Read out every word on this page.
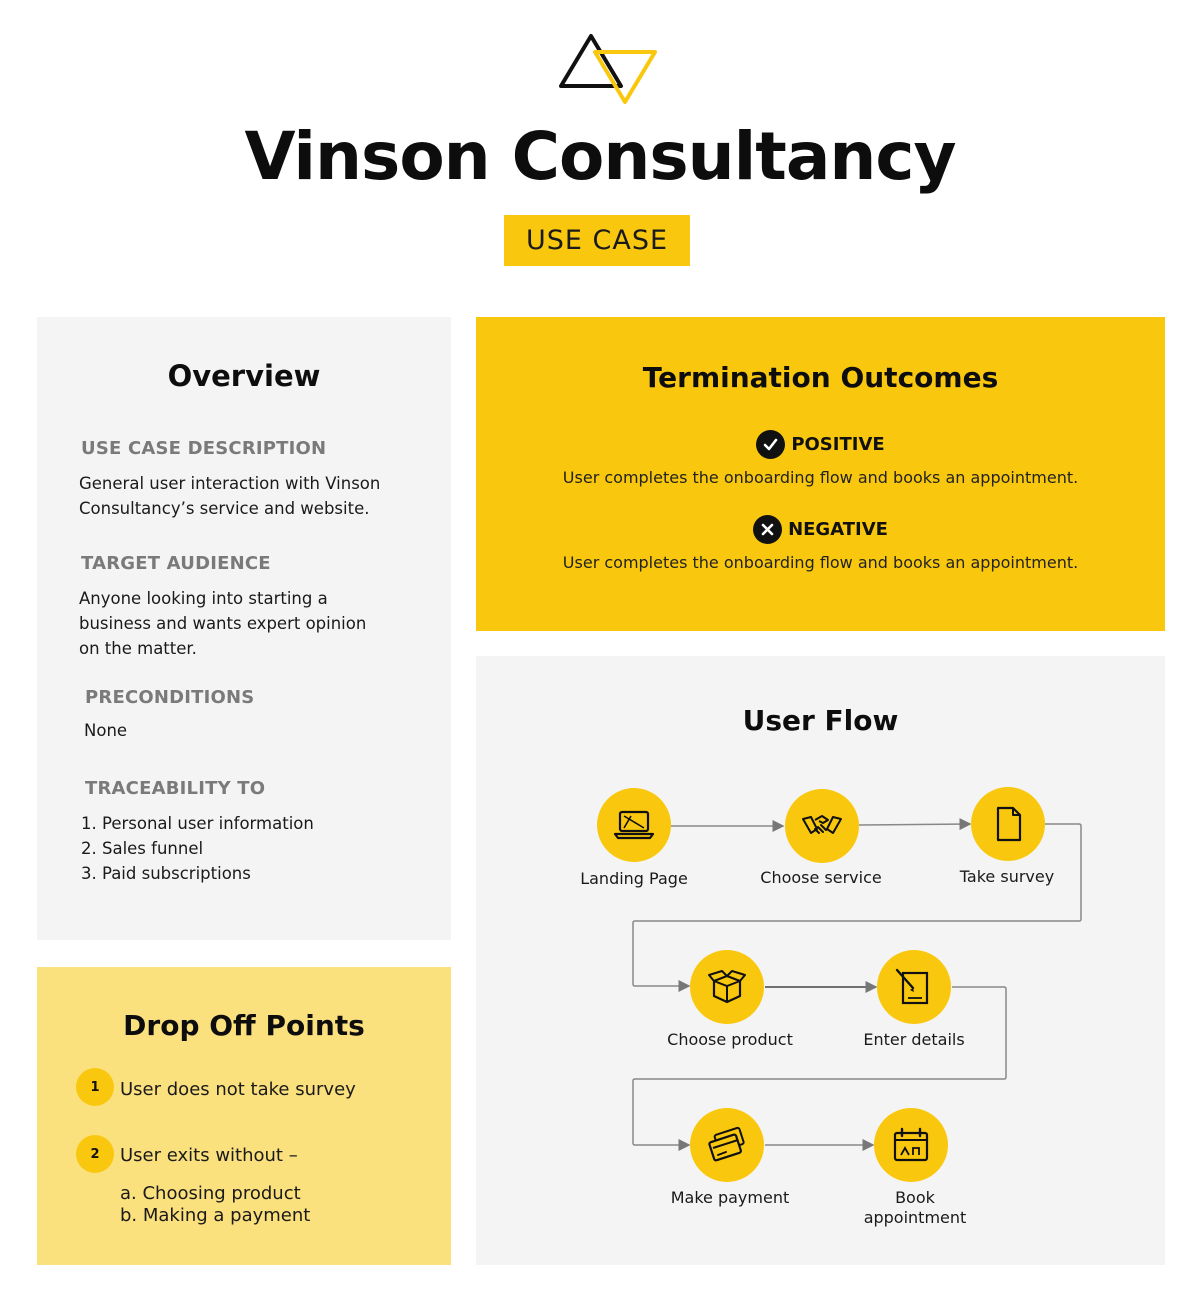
Vinson Consultancy
USE CASE
Overview
USE CASE DESCRIPTION
General user interaction with Vinson
Consultancy’s service and website.
TARGET AUDIENCE
Anyone looking into starting a
business and wants expert opinion
on the matter.
PRECONDITIONS
None
TRACEABILITY TO
1. Personal user information
2. Sales funnel
3. Paid subscriptions
Termination Outcomes
POSITIVE
User completes the onboarding flow and books an appointment.
NEGATIVE
User completes the onboarding flow and books an appointment.
User Flow
Landing Page	Choose service	Take survey
Choose product	Enter details
Make payment	Book
appointment
Drop Off Points
1	User does not take survey
2	User exits without –
a. Choosing product
b. Making a payment
